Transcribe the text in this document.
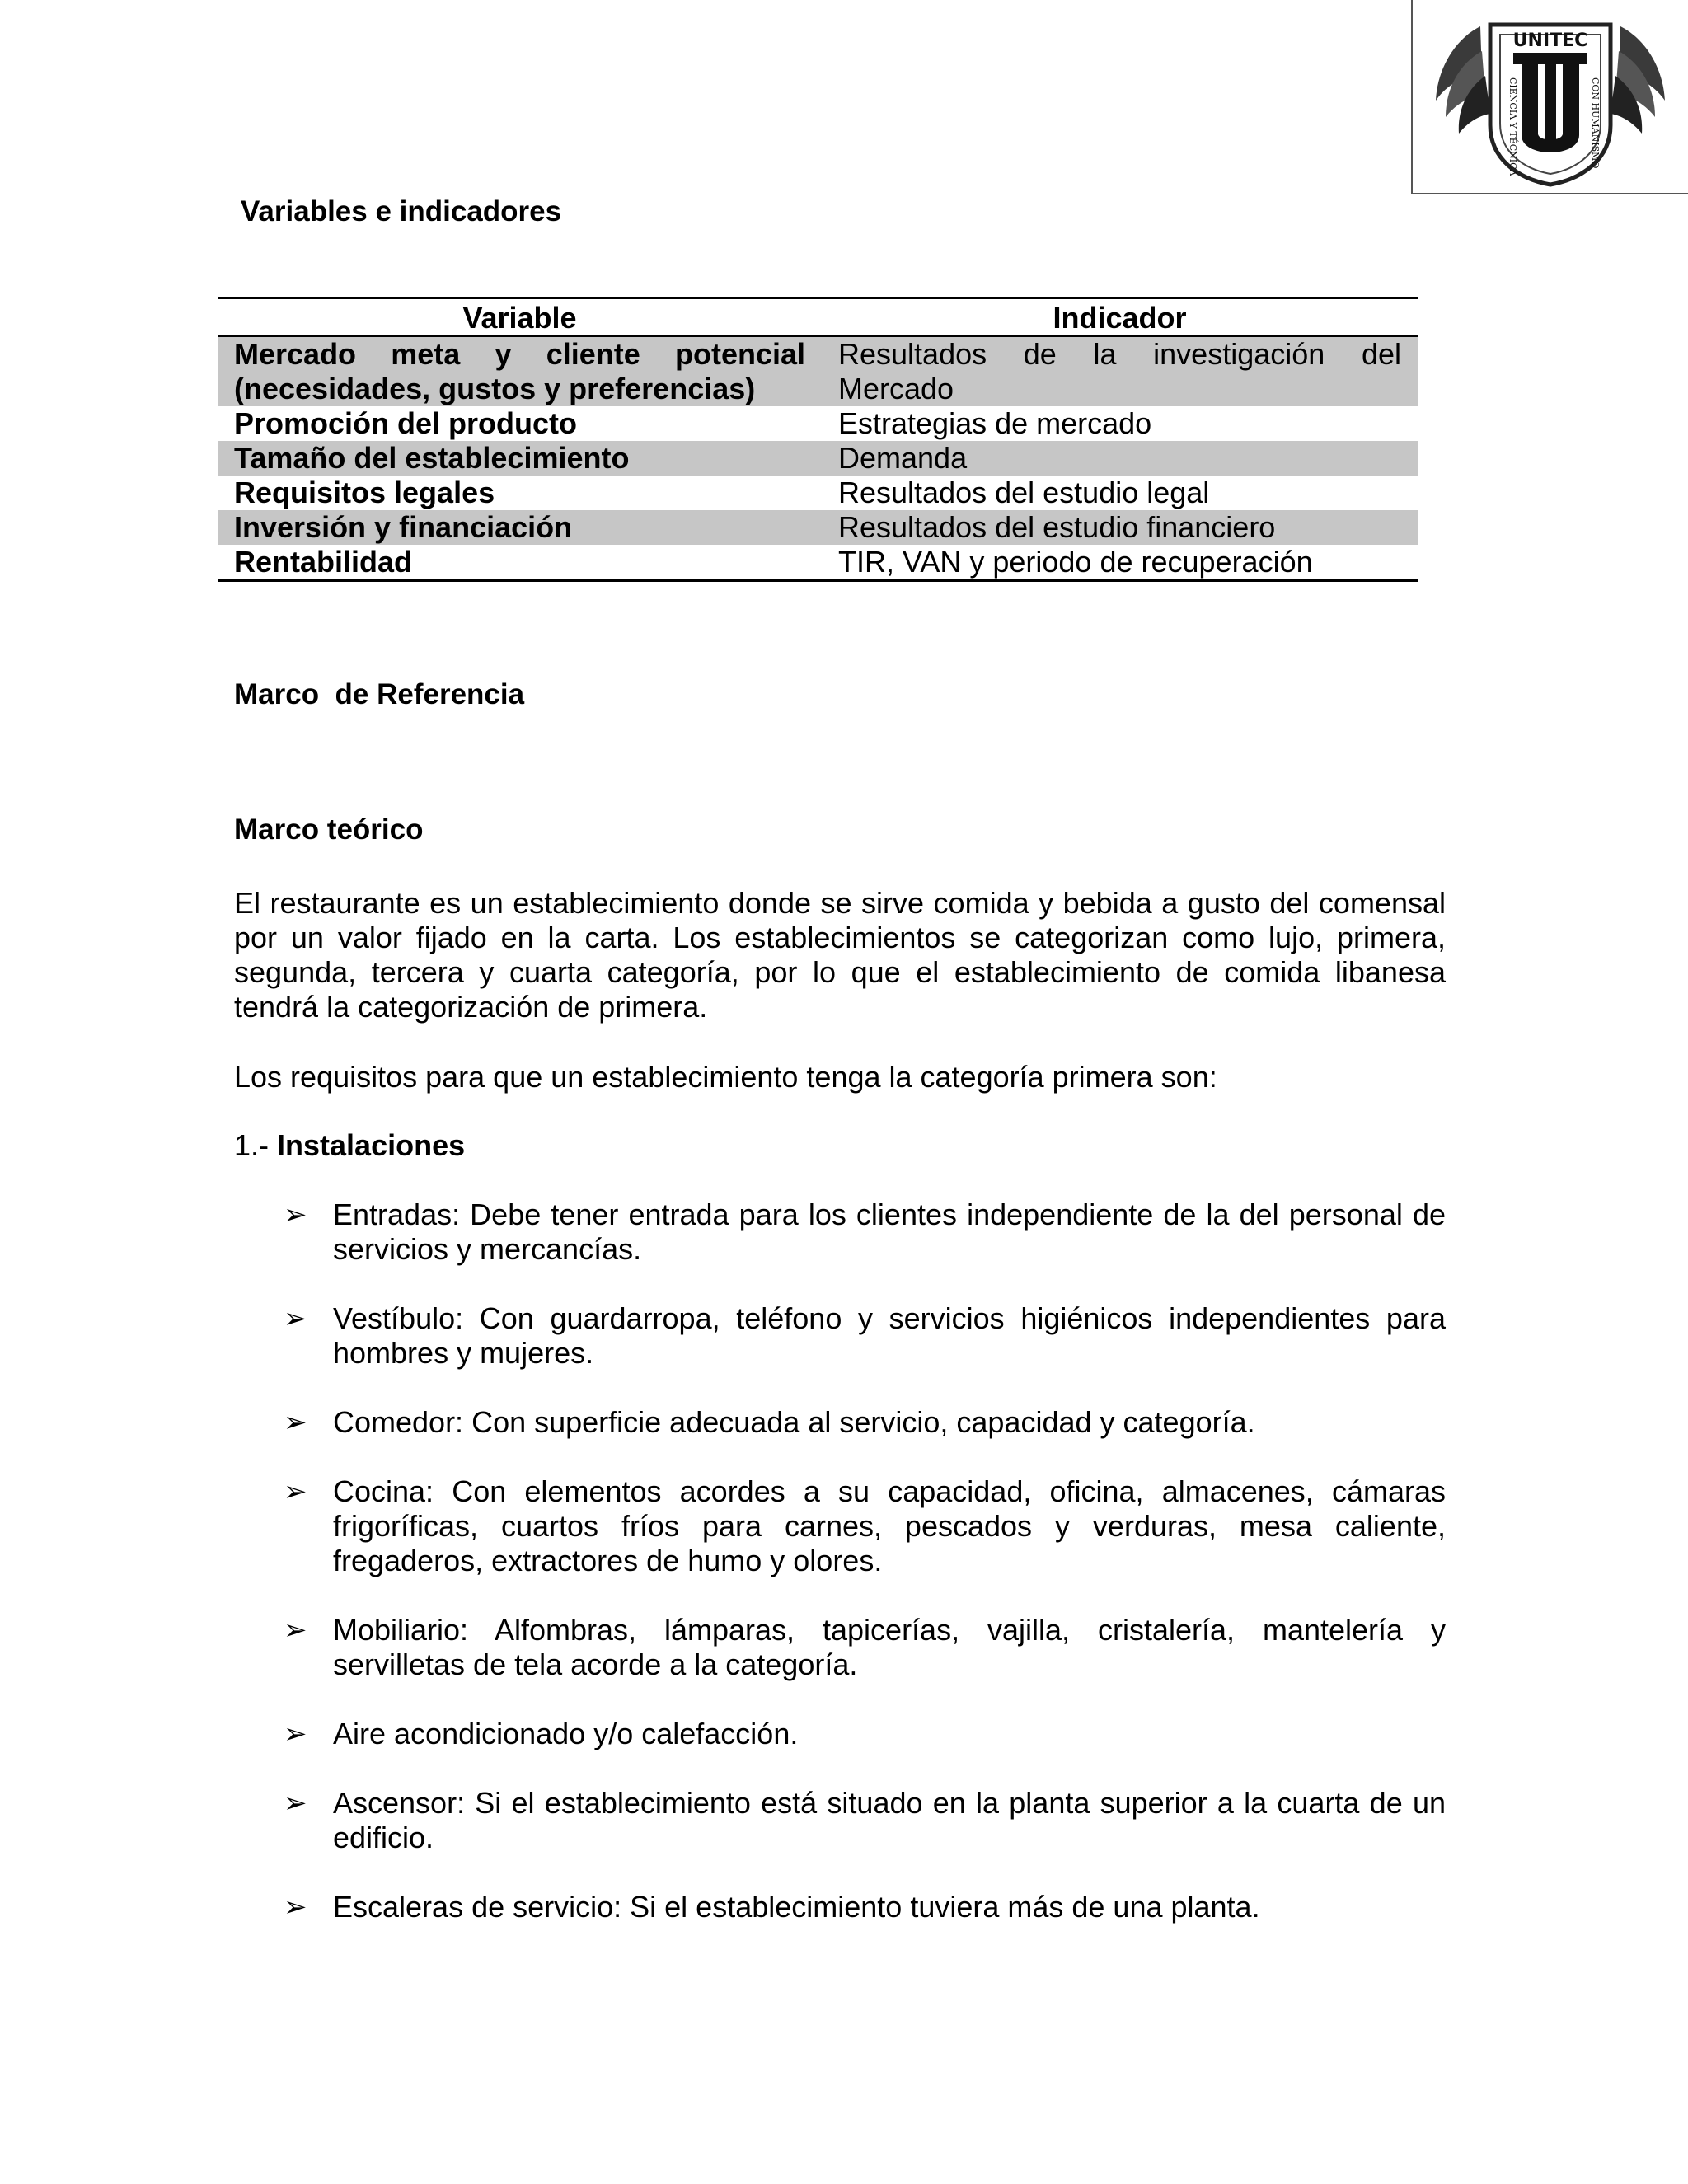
UNITEC
CIENCIA Y TÉCNICA	CON HUMANISMO
Variables e indicadores
Variable	Indicador
Mercado meta y cliente potencial (necesidades, gustos y preferencias)	Resultados de la investigación del Mercado
Promoción del producto	Estrategias de mercado
Tamaño del establecimiento	Demanda
Requisitos legales	Resultados del estudio legal
Inversión y financiación	Resultados del estudio financiero
Rentabilidad	TIR, VAN y periodo de recuperación
Marco  de Referencia
Marco teórico

El restaurante es un establecimiento donde se sirve comida y bebida a gusto del comensal por un valor fijado en la carta. Los establecimientos se categorizan como lujo, primera, segunda, tercera y cuarta categoría, por lo que el establecimiento de comida libanesa tendrá la categorización de primera.

Los requisitos para que un establecimiento tenga la categoría primera son:

1.- Instalaciones

➢ Entradas: Debe tener entrada para los clientes independiente de la del personal de servicios y mercancías.
➢ Vestíbulo: Con guardarropa, teléfono y servicios higiénicos independientes para hombres y mujeres.
➢ Comedor: Con superficie adecuada al servicio, capacidad y categoría.
➢ Cocina: Con elementos acordes a su capacidad, oficina, almacenes, cámaras frigoríficas, cuartos fríos para carnes, pescados y verduras, mesa caliente, fregaderos, extractores de humo y olores.
➢ Mobiliario: Alfombras, lámparas, tapicerías, vajilla, cristalería, mantelería y servilletas de tela acorde a la categoría.
➢ Aire acondicionado y/o calefacción.
➢ Ascensor: Si el establecimiento está situado en la planta superior a la cuarta de un edificio.
➢ Escaleras de servicio: Si el establecimiento tuviera más de una planta.
